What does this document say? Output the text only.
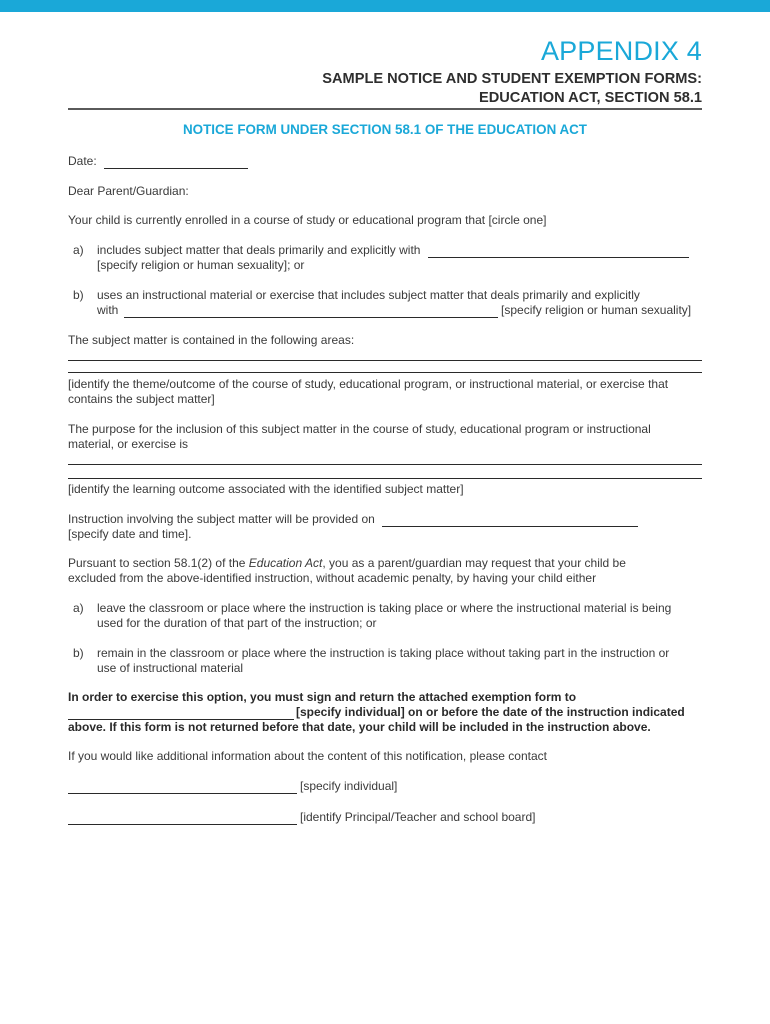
APPENDIX 4
SAMPLE NOTICE AND STUDENT EXEMPTION FORMS:
EDUCATION ACT, SECTION 58.1
NOTICE FORM UNDER SECTION 58.1 OF THE EDUCATION ACT
Date:
Dear Parent/Guardian:
Your child is currently enrolled in a course of study or educational program that [circle one]
a) includes subject matter that deals primarily and explicitly with
[specify religion or human sexuality]; or
b) uses an instructional material or exercise that includes subject matter that deals primarily and explicitly
with	[specify religion or human sexuality]
The subject matter is contained in the following areas:
[identify the theme/outcome of the course of study, educational program, or instructional material, or exercise that
contains the subject matter]
The purpose for the inclusion of this subject matter in the course of study, educational program or instructional
material, or exercise is
[identify the learning outcome associated with the identified subject matter]
Instruction involving the subject matter will be provided on
[specify date and time].
Pursuant to section 58.1(2) of the Education Act, you as a parent/guardian may request that your child be
excluded from the above-identified instruction, without academic penalty, by having your child either
a) leave the classroom or place where the instruction is taking place or where the instructional material is being
used for the duration of that part of the instruction; or
b) remain in the classroom or place where the instruction is taking place without taking part in the instruction or
use of instructional material
In order to exercise this option, you must sign and return the attached exemption form to
[specify individual] on or before the date of the instruction indicated
above. If this form is not returned before that date, your child will be included in the instruction above.
If you would like additional information about the content of this notification, please contact
[specify individual]
[identify Principal/Teacher and school board]
